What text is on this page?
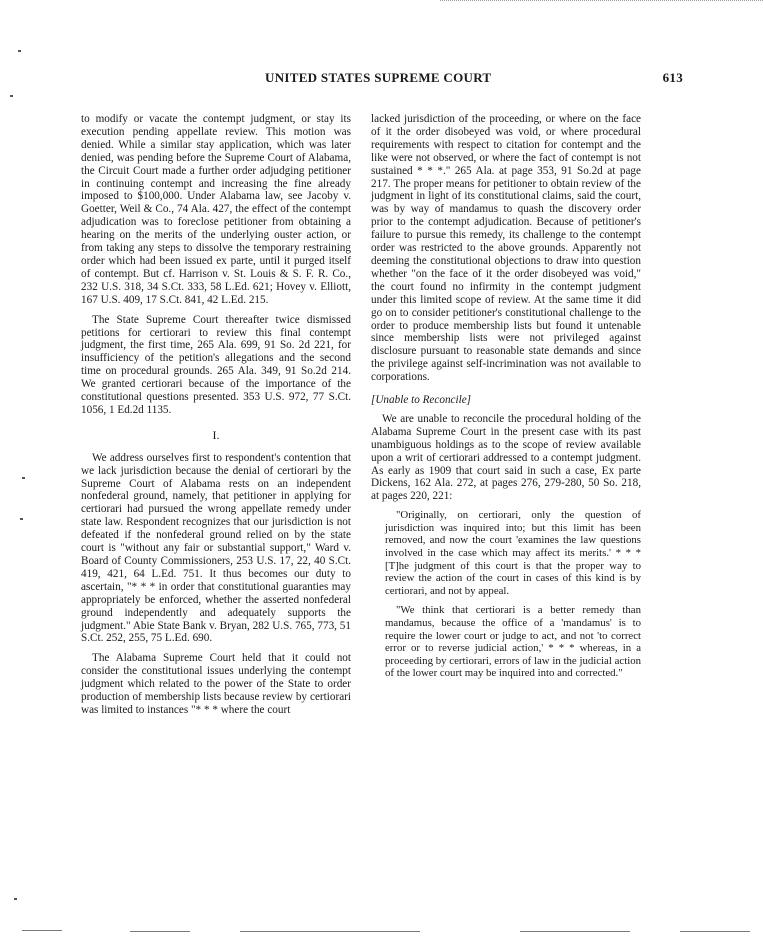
UNITED STATES SUPREME COURT	613

to modify or vacate the contempt judgment, or stay its execution pending appellate review. This motion was denied. While a similar stay application, which was later denied, was pending before the Supreme Court of Alabama, the Circuit Court made a further order adjudging petitioner in continuing contempt and increasing the fine already imposed to $100,000. Under Alabama law, see Jacoby v. Goetter, Weil & Co., 74 Ala. 427, the effect of the contempt adjudication was to foreclose petitioner from obtaining a hearing on the merits of the underlying ouster action, or from taking any steps to dissolve the temporary restraining order which had been issued ex parte, until it purged itself of contempt. But cf. Harrison v. St. Louis & S. F. R. Co., 232 U.S. 318, 34 S.Ct. 333, 58 L.Ed. 621; Hovey v. Elliott, 167 U.S. 409, 17 S.Ct. 841, 42 L.Ed. 215.

The State Supreme Court thereafter twice dismissed petitions for certiorari to review this final contempt judgment, the first time, 265 Ala. 699, 91 So. 2d 221, for insufficiency of the petition's allegations and the second time on procedural grounds. 265 Ala. 349, 91 So.2d 214. We granted certiorari because of the importance of the constitutional questions presented. 353 U.S. 972, 77 S.Ct. 1056, 1 Ed.2d 1135.

I.

We address ourselves first to respondent's contention that we lack jurisdiction because the denial of certiorari by the Supreme Court of Alabama rests on an independent nonfederal ground, namely, that petitioner in applying for certiorari had pursued the wrong appellate remedy under state law. Respondent recognizes that our jurisdiction is not defeated if the nonfederal ground relied on by the state court is "without any fair or substantial support," Ward v. Board of County Commissioners, 253 U.S. 17, 22, 40 S.Ct. 419, 421, 64 L.Ed. 751. It thus becomes our duty to ascertain, "* * * in order that constitutional guaranties may appropriately be enforced, whether the asserted nonfederal ground independently and adequately supports the judgment." Abie State Bank v. Bryan, 282 U.S. 765, 773, 51 S.Ct. 252, 255, 75 L.Ed. 690.

The Alabama Supreme Court held that it could not consider the constitutional issues underlying the contempt judgment which related to the power of the State to order production of membership lists because review by certiorari was limited to instances "* * * where the court

lacked jurisdiction of the proceeding, or where on the face of it the order disobeyed was void, or where procedural requirements with respect to citation for contempt and the like were not observed, or where the fact of contempt is not sustained * * *." 265 Ala. at page 353, 91 So.2d at page 217. The proper means for petitioner to obtain review of the judgment in light of its constitutional claims, said the court, was by way of mandamus to quash the discovery order prior to the contempt adjudication. Because of petitioner's failure to pursue this remedy, its challenge to the contempt order was restricted to the above grounds. Apparently not deeming the constitutional objections to draw into question whether "on the face of it the order disobeyed was void," the court found no infirmity in the contempt judgment under this limited scope of review. At the same time it did go on to consider petitioner's constitutional challenge to the order to produce membership lists but found it untenable since membership lists were not privileged against disclosure pursuant to reasonable state demands and since the privilege against self-incrimination was not available to corporations.

[Unable to Reconcile]

We are unable to reconcile the procedural holding of the Alabama Supreme Court in the present case with its past unambiguous holdings as to the scope of review available upon a writ of certiorari addressed to a contempt judgment. As early as 1909 that court said in such a case, Ex parte Dickens, 162 Ala. 272, at pages 276, 279-280, 50 So. 218, at pages 220, 221:

"Originally, on certiorari, only the question of jurisdiction was inquired into; but this limit has been removed, and now the court 'examines the law questions involved in the case which may affect its merits.' * * * [T]he judgment of this court is that the proper way to review the action of the court in cases of this kind is by certiorari, and not by appeal.

"We think that certiorari is a better remedy than mandamus, because the office of a 'mandamus' is to require the lower court or judge to act, and not 'to correct error or to reverse judicial action,' * * * whereas, in a proceeding by certiorari, errors of law in the judicial action of the lower court may be inquired into and corrected."
